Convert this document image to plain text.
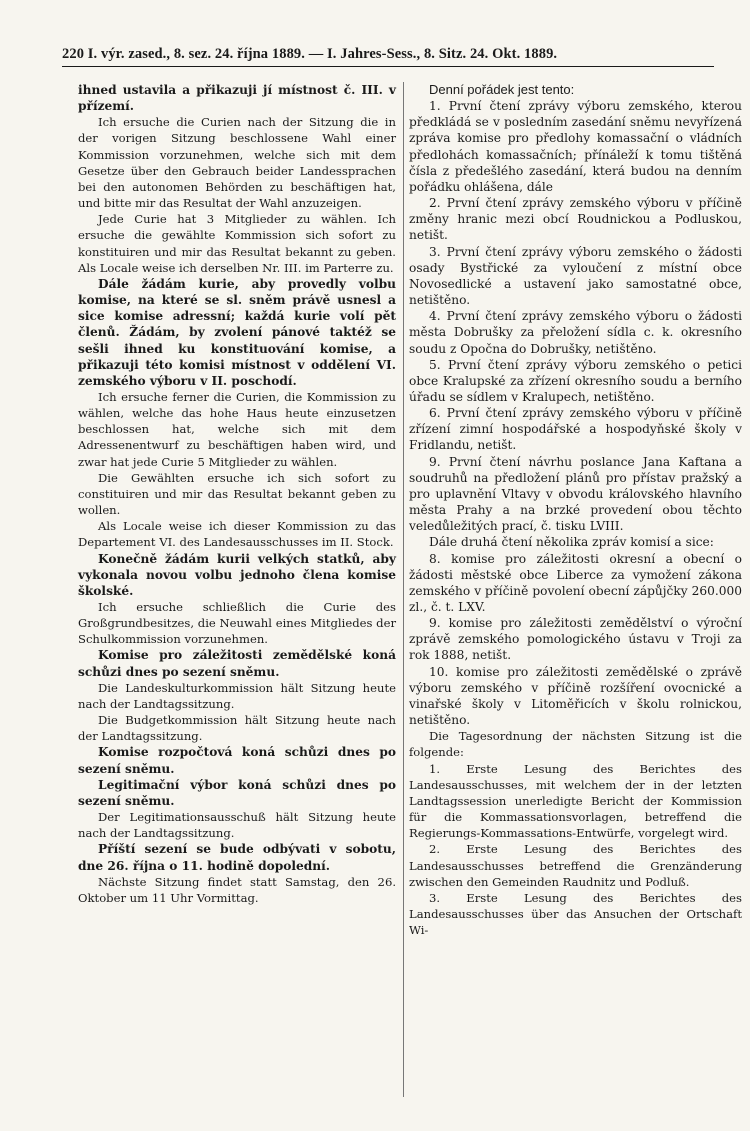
220 I. výr. zased., 8. sez. 24. října 1889. — I. Jahres-Sess., 8. Sitz. 24. Okt. 1889.

ihned ustavila a přikazuji jí místnost č. III. v přízemí.

Ich ersuche die Curien nach der Sitzung die in der vorigen Sitzung beschlossene Wahl einer Kommission vorzunehmen, welche sich mit dem Gesetze über den Gebrauch beider Landessprachen bei den autonomen Behörden zu beschäftigen hat, und bitte mir das Resultat der Wahl anzuzeigen.

Jede Curie hat 3 Mitglieder zu wählen. Ich ersuche die gewählte Kommission sich sofort zu konstituiren und mir das Resultat bekannt zu geben. Als Locale weise ich derselben Nr. III. im Parterre zu.

Dále žádám kurie, aby provedly volbu komise, na které se sl. sněm právě usnesl a sice komise adressní; každá kurie volí pět členů. Žádám, by zvolení pánové taktéž se sešli ihned ku konstituování komise, a přikazuji této komisi místnost v oddělení VI. zemského výboru v II. poschodí.

Ich ersuche ferner die Curien, die Kommission zu wählen, welche das hohe Haus heute einzusetzen beschlossen hat, welche sich mit dem Adressenentwurf zu beschäftigen haben wird, und zwar hat jede Curie 5 Mitglieder zu wählen.

Die Gewählten ersuche ich sich sofort zu constituiren und mir das Resultat bekannt geben zu wollen.

Als Locale weise ich dieser Kommission zu das Departement VI. des Landesausschusses im II. Stock.

Konečně žádám kurii velkých statků, aby vykonala novou volbu jednoho člena komise školské.

Ich ersuche schließlich die Curie des Großgrundbesitzes, die Neuwahl eines Mitgliedes der Schulkommission vorzunehmen.

Komise pro záležitosti zemědělské koná schůzi dnes po sezení sněmu.

Die Landeskulturkommission hält Sitzung heute nach der Landtagssitzung.

Die Budgetkommission hält Sitzung heute nach der Landtagssitzung.

Komise rozpočtová koná schůzi dnes po sezení sněmu.

Legitimační výbor koná schůzi dnes po sezení sněmu.

Der Legitimationsausschuß hält Sitzung heute nach der Landtagssitzung.

Příští sezení se bude odbývati v sobotu, dne 26. října o 11. hodině dopolední.

Nächste Sitzung findet statt Samstag, den 26. Oktober um 11 Uhr Vormittag.

Denní pořádek jest tento:

1. První čtení zprávy výboru zemského, kterou předkládá se v posledním zasedání sněmu nevyřízená zpráva komise pro předlohy komassační o vládních předlohách komassačních; přínáleží k tomu tištěná čísla z předešlého zasedání, která budou na denním pořádku ohlášena, dále

2. První čtení zprávy zemského výboru v příčině změny hranic mezi obcí Roudnickou a Podluskou, netišt.

3. První čtení zprávy výboru zemského o žádosti osady Bystřické za vyloučení z místní obce Novosedlické a ustavení jako samostatné obce, netištěno.

4. První čtení zprávy zemského výboru o žádosti města Dobrušky za přeložení sídla c. k. okresního soudu z Opočna do Dobrušky, netištěno.

5. První čtení zprávy výboru zemského o petici obce Kralupské za zřízení okresního soudu a berního úřadu se sídlem v Kralupech, netištěno.

6. První čtení zprávy zemského výboru v příčině zřízení zimní hospodářské a hospodyňské školy v Fridlandu, netišt.

9. První čtení návrhu poslance Jana Kaftana a soudruhů na předložení plánů pro přístav pražský a pro uplavnění Vltavy v obvodu královského hlavního města Prahy a na brzké provedení obou těchto veledůležitých prací, č. tisku LVIII.

Dále druhá čtení několika zpráv komisí a sice:

8. komise pro záležitosti okresní a obecní o žádosti městské obce Liberce za vymožení zákona zemského v příčině povolení obecní zápůjčky 260.000 zl., č. t. LXV.

9. komise pro záležitosti zemědělství o výroční zprávě zemského pomologického ústavu v Troji za rok 1888, netišt.

10. komise pro záležitosti zemědělské o zprávě výboru zemského v příčině rozšíření ovocnické a vinařské školy v Litoměřicích v školu rolnickou, netištěno.

Die Tagesordnung der nächsten Sitzung ist die folgende:

1. Erste Lesung des Berichtes des Landesausschusses, mit welchem der in der letzten Landtagssession unerledigte Bericht der Kommission für die Kommassationsvorlagen, betreffend die Regierungs-Kommassations-Entwürfe, vorgelegt wird.

2. Erste Lesung des Berichtes des Landesausschusses betreffend die Grenzänderung zwischen den Gemeinden Raudnitz und Podluß.

3. Erste Lesung des Berichtes des Landesausschusses über das Ansuchen der Ortschaft Wi-
